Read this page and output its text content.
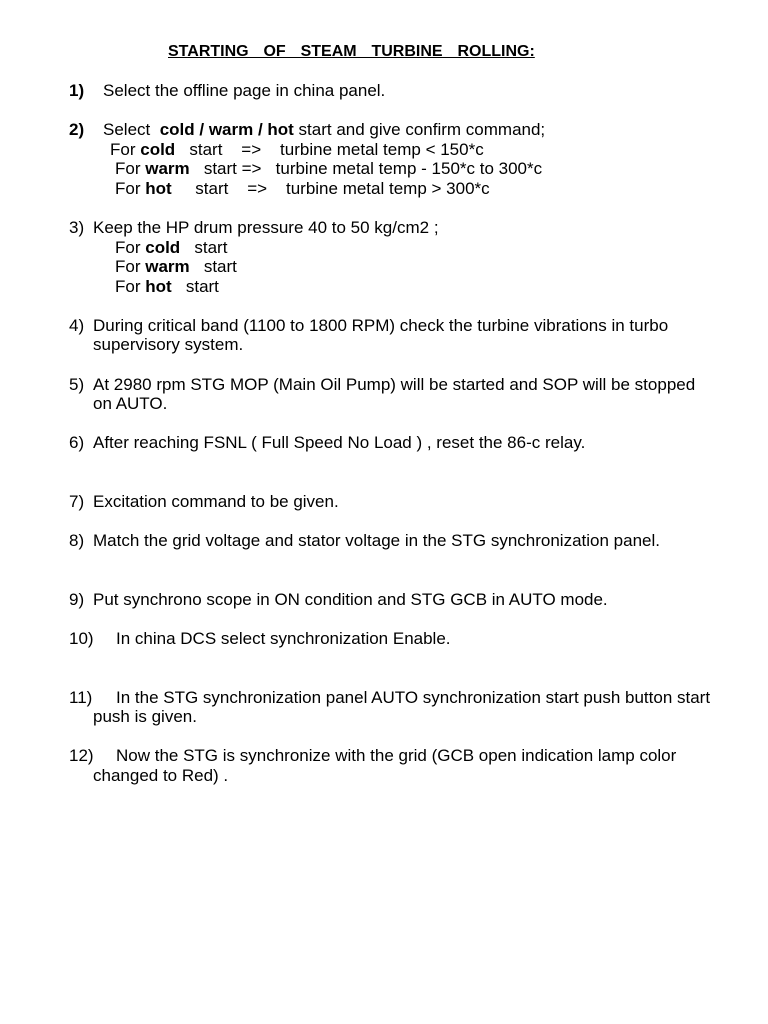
STARTING  OF  STEAM  TURBINE  ROLLING:
1) Select the offline page in china panel.
2) Select  cold / warm / hot start and give confirm command;
For cold   start    =>    turbine metal temp < 150*c
For warm   start =>   turbine metal temp - 150*c to 300*c
For hot     start    =>    turbine metal temp > 300*c
3) Keep the HP drum pressure 40 to 50 kg/cm2 ;
For cold   start
For warm   start
For hot   start
4) During critical band (1100 to 1800 RPM) check the turbine vibrations in turbo
supervisory system.
5) At 2980 rpm STG MOP (Main Oil Pump) will be started and SOP will be stopped
on AUTO.
6) After reaching FSNL ( Full Speed No Load ) , reset the 86-c relay.
7) Excitation command to be given.
8) Match the grid voltage and stator voltage in the STG synchronization panel.
9) Put synchrono scope in ON condition and STG GCB in AUTO mode.
10) In china DCS select synchronization Enable.
11) In the STG synchronization panel AUTO synchronization start push button start
push is given.
12) Now the STG is synchronize with the grid (GCB open indication lamp color
changed to Red) .
